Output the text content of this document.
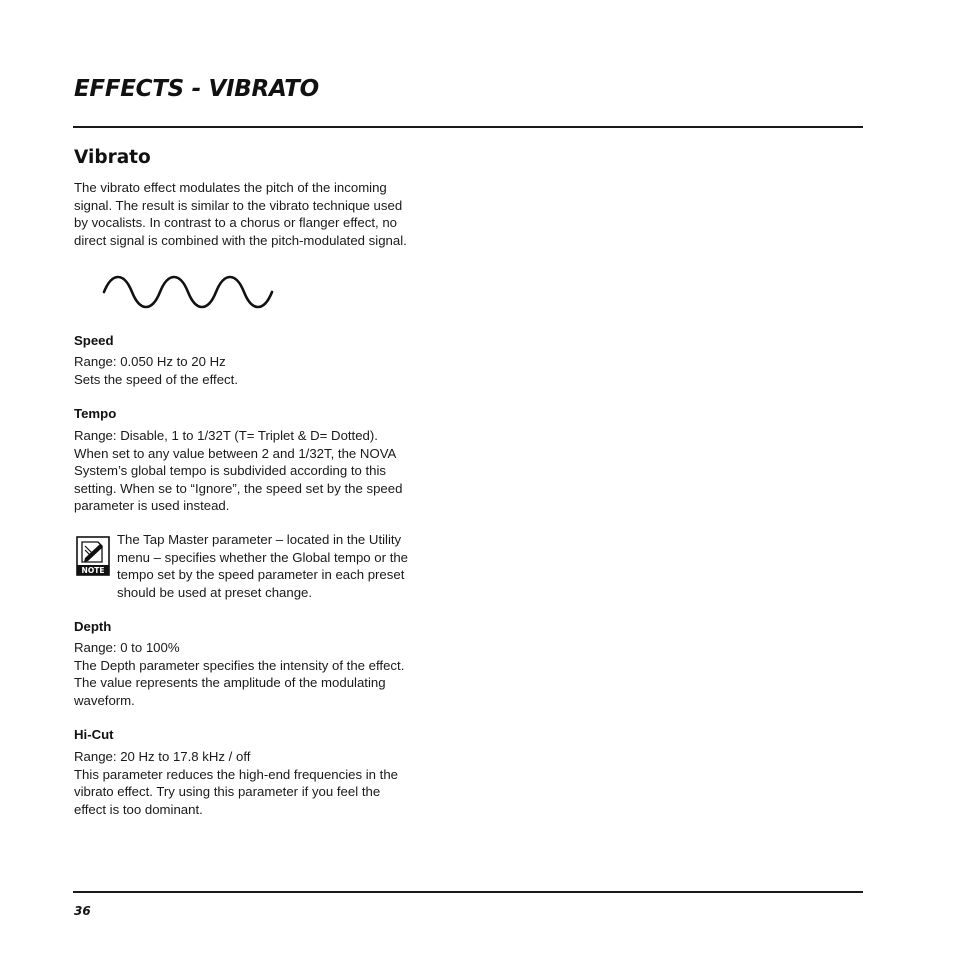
EFFECTS - VIBRATO
Vibrato

The vibrato effect modulates the pitch of the incoming

signal. The result is similar to the vibrato technique used

by vocalists. In contrast to a chorus or flanger effect, no

direct signal is combined with the pitch-modulated signal.

Speed

Range: 0.050 Hz to 20 Hz

Sets the speed of the effect.

Tempo

Range: Disable, 1 to 1/32T (T= Triplet & D= Dotted).

When set to any value between 2 and 1/32T, the NOVA

System’s global tempo is subdivided according to this

setting. When se to “Ignore”, the speed set by the speed

parameter is used instead.

NOTE

The Tap Master parameter – located in the Utility

menu – specifies whether the Global tempo or the

tempo set by the speed parameter in each preset

should be used at preset change.

Depth

Range: 0 to 100%

The Depth parameter specifies the intensity of the effect.

The value represents the amplitude of the modulating

waveform.

Hi-Cut

Range: 20 Hz to 17.8 kHz / off

This parameter reduces the high-end frequencies in the

vibrato effect. Try using this parameter if you feel the

effect is too dominant.

36
